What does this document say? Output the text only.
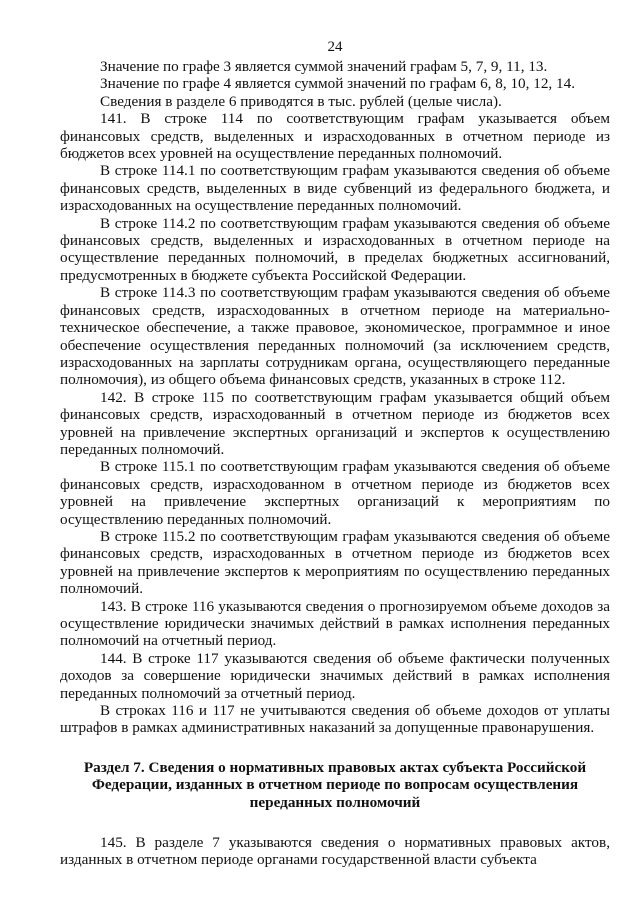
24

Значение по графе 3 является суммой значений графам 5, 7, 9, 11, 13.

Значение по графе 4 является суммой значений по графам 6, 8, 10, 12, 14.

Сведения в разделе 6 приводятся в тыс. рублей (целые числа).

141. В строке 114 по соответствующим графам указывается объем финансовых средств, выделенных и израсходованных в отчетном периоде из бюджетов всех уровней на осуществление переданных полномочий.

В строке 114.1 по соответствующим графам указываются сведения об объеме финансовых средств, выделенных в виде субвенций из федерального бюджета, и израсходованных на осуществление переданных полномочий.

В строке 114.2 по соответствующим графам указываются сведения об объеме финансовых средств, выделенных и израсходованных в отчетном периоде на осуществление переданных полномочий, в пределах бюджетных ассигнований, предусмотренных в бюджете субъекта Российской Федерации.

В строке 114.3 по соответствующим графам указываются сведения об объеме финансовых средств, израсходованных в отчетном периоде на материально-техническое обеспечение, а также правовое, экономическое, программное и иное обеспечение осуществления переданных полномочий (за исключением средств, израсходованных на зарплаты сотрудникам органа, осуществляющего переданные полномочия), из общего объема финансовых средств, указанных в строке 112.

142. В строке 115 по соответствующим графам указывается общий объем финансовых средств, израсходованный в отчетном периоде из бюджетов всех уровней на привлечение экспертных организаций и экспертов к осуществлению переданных полномочий.

В строке 115.1 по соответствующим графам указываются сведения об объеме финансовых средств, израсходованном в отчетном периоде из бюджетов всех уровней на привлечение экспертных организаций к мероприятиям по осуществлению переданных полномочий.

В строке 115.2 по соответствующим графам указываются сведения об объеме финансовых средств, израсходованных в отчетном периоде из бюджетов всех уровней на привлечение экспертов к мероприятиям по осуществлению переданных полномочий.

143. В строке 116 указываются сведения о прогнозируемом объеме доходов за осуществление юридически значимых действий в рамках исполнения переданных полномочий на отчетный период.

144. В строке 117 указываются сведения об объеме фактически полученных доходов за совершение юридически значимых действий в рамках исполнения переданных полномочий за отчетный период.

В строках 116 и 117 не учитываются сведения об объеме доходов от уплаты штрафов в рамках административных наказаний за допущенные правонарушения.

Раздел 7. Сведения о нормативных правовых актах субъекта Российской Федерации, изданных в отчетном периоде по вопросам осуществления переданных полномочий

145. В разделе 7 указываются сведения о нормативных правовых актов, изданных в отчетном периоде органами государственной власти субъекта
